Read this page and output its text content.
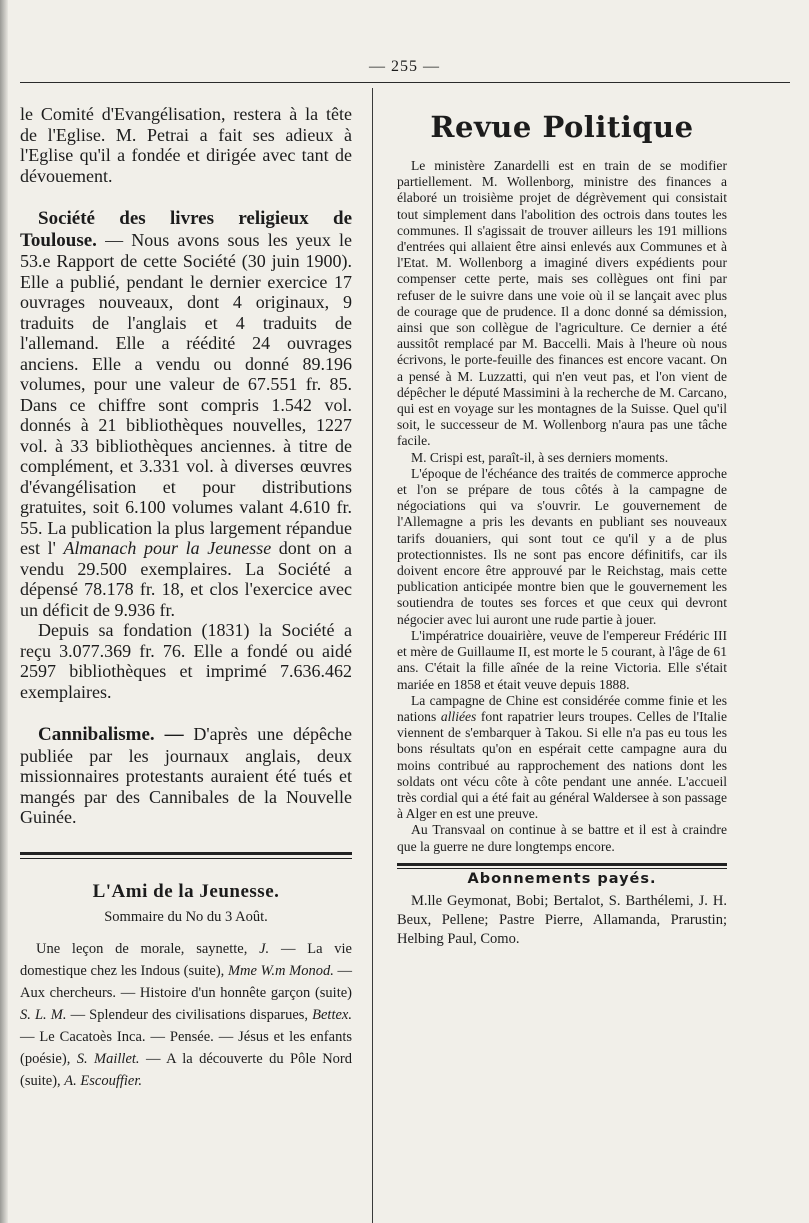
— 255 —

le Comité d'Evangélisation, restera à la tête de l'Eglise. M. Petrai a fait ses adieux à l'Eglise qu'il a fondée et dirigée avec tant de dévouement.

Société des livres religieux de Toulouse. — Nous avons sous les yeux le 53.e Rapport de cette Société (30 juin 1900). Elle a publié, pendant le dernier exercice 17 ouvrages nouveaux, dont 4 originaux, 9 traduits de l'anglais et 4 traduits de l'allemand. Elle a réédité 24 ouvrages anciens. Elle a vendu ou donné 89.196 volumes, pour une valeur de 67.551 fr. 85. Dans ce chiffre sont compris 1.542 vol. donnés à 21 bibliothèques nouvelles, 1227 vol. à 33 bibliothèques anciennes. à titre de complément, et 3.331 vol. à diverses œuvres d'évangélisation et pour distributions gratuites, soit 6.100 volumes valant 4.610 fr. 55. La publication la plus largement répandue est l' Almanach pour la Jeunesse dont on a vendu 29.500 exemplaires. La Société a dépensé 78.178 fr. 18, et clos l'exercice avec un déficit de 9.936 fr.

Depuis sa fondation (1831) la Société a reçu 3.077.369 fr. 76. Elle a fondé ou aidé 2597 bibliothèques et imprimé 7.636.462 exemplaires.

Cannibalisme. — D'après une dépêche publiée par les journaux anglais, deux missionnaires protestants auraient été tués et mangés par des Cannibales de la Nouvelle Guinée.

L'Ami de la Jeunesse.
Sommaire du No du 3 Août.

Une leçon de morale, saynette, J. — La vie domestique chez les Indous (suite), Mme W.m Monod. — Aux chercheurs. — Histoire d'un honnête garçon (suite) S. L. M. — Splendeur des civilisations disparues, Bettex. — Le Cacatoès Inca. — Pensée. — Jésus et les enfants (poésie), S. Maillet. — A la découverte du Pôle Nord (suite), A. Escouffier.

Revue Politique

Le ministère Zanardelli est en train de se modifier partiellement. M. Wollenborg, ministre des finances a élaboré un troisième projet de dégrèvement qui consistait tout simplement dans l'abolition des octrois dans toutes les communes. Il s'agissait de trouver ailleurs les 191 millions d'entrées qui allaient être ainsi enlevés aux Communes et à l'Etat. M. Wollenborg a imaginé divers expédients pour compenser cette perte, mais ses collègues ont fini par refuser de le suivre dans une voie où il se lançait avec plus de courage que de prudence. Il a donc donné sa démission, ainsi que son collègue de l'agriculture. Ce dernier a été aussitôt remplacé par M. Baccelli. Mais à l'heure où nous écrivons, le porte-feuille des finances est encore vacant. On a pensé à M. Luzzatti, qui n'en veut pas, et l'on vient de dépêcher le député Massimini à la recherche de M. Carcano, qui est en voyage sur les montagnes de la Suisse. Quel qu'il soit, le successeur de M. Wollenborg n'aura pas une tâche facile.

M. Crispi est, paraît-il, à ses derniers moments.

L'époque de l'échéance des traités de commerce approche et l'on se prépare de tous côtés à la campagne de négociations qui va s'ouvrir. Le gouvernement de l'Allemagne a pris les devants en publiant ses nouveaux tarifs douaniers, qui sont tout ce qu'il y a de plus protectionnistes. Ils ne sont pas encore définitifs, car ils doivent encore être approuvé par le Reichstag, mais cette publication anticipée montre bien que le gouvernement les soutiendra de toutes ses forces et que ceux qui devront négocier avec lui auront une rude partie à jouer.

L'impératrice douairière, veuve de l'empereur Frédéric III et mère de Guillaume II, est morte le 5 courant, à l'âge de 61 ans. C'était la fille aînée de la reine Victoria. Elle s'était mariée en 1858 et était veuve depuis 1888.

La campagne de Chine est considérée comme finie et les nations alliées font rapatrier leurs troupes. Celles de l'Italie viennent de s'embarquer à Takou. Si elle n'a pas eu tous les bons résultats qu'on en espérait cette campagne aura du moins contribué au rapprochement des nations dont les soldats ont vécu côte à côte pendant une année. L'accueil très cordial qui a été fait au général Waldersee à son passage à Alger en est une preuve.

Au Transvaal on continue à se battre et il est à craindre que la guerre ne dure longtemps encore.

Abonnements payés.

M.lle Geymonat, Bobi; Bertalot, S. Barthélemi, J. H. Beux, Pellene; Pastre Pierre, Allamanda, Prarustin; Helbing Paul, Como.
